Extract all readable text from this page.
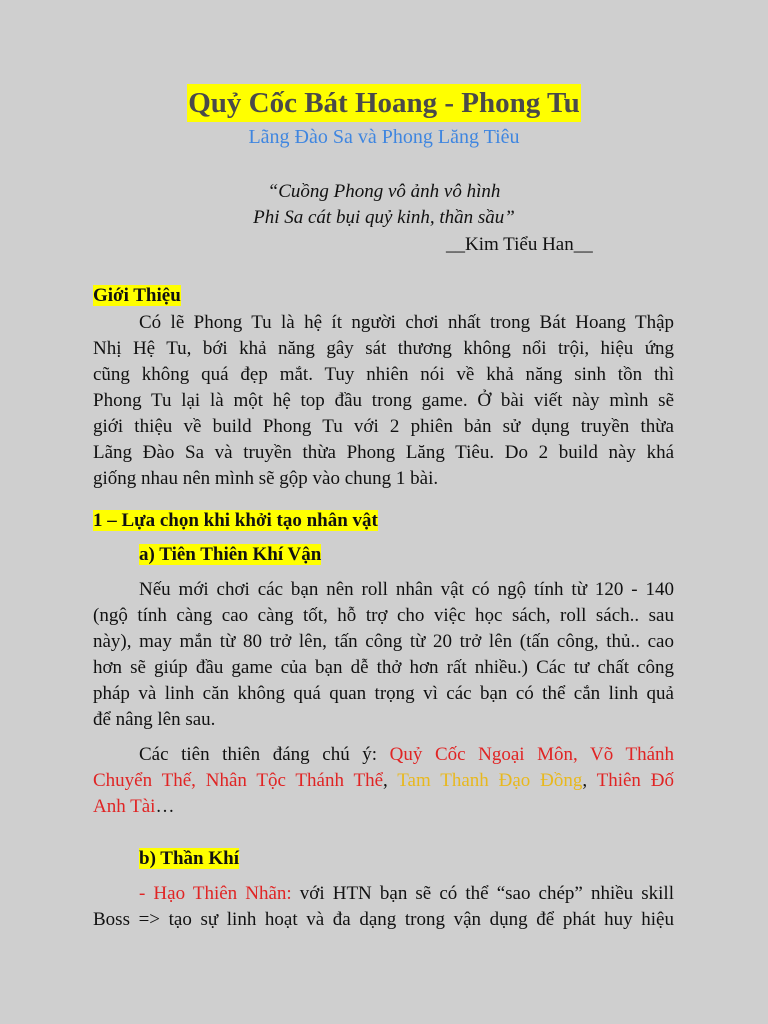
Quỷ Cốc Bát Hoang - Phong Tu
Lãng Đào Sa và Phong Lăng Tiêu
“Cuồng Phong vô ảnh vô hình
Phi Sa cát bụi quỷ kinh, thần sầu”
__Kim Tiểu Han__
Giới Thiệu
Có lẽ Phong Tu là hệ ít người chơi nhất trong Bát Hoang Thập
Nhị Hệ Tu, bới khả năng gây sát thương không nổi trội, hiệu ứng
cũng không quá đẹp mắt. Tuy nhiên nói về khả năng sinh tồn thì
Phong Tu lại là một hệ top đầu trong game. Ở bài viết này mình sẽ
giới thiệu về build Phong Tu với 2 phiên bản sử dụng truyền thừa
Lãng Đào Sa và truyền thừa Phong Lăng Tiêu. Do 2 build này khá
giống nhau nên mình sẽ gộp vào chung 1 bài.
1 – Lựa chọn khi khởi tạo nhân vật
a) Tiên Thiên Khí Vận
Nếu mới chơi các bạn nên roll nhân vật có ngộ tính từ 120 - 140
(ngộ tính càng cao càng tốt, hỗ trợ cho việc học sách, roll sách.. sau
này), may mắn từ 80 trở lên, tấn công từ 20 trở lên (tấn công, thủ.. cao
hơn sẽ giúp đầu game của bạn dễ thở hơn rất nhiều.) Các tư chất công
pháp và linh căn không quá quan trọng vì các bạn có thể cắn linh quả
để nâng lên sau.
Các tiên thiên đáng chú ý: Quỷ Cốc Ngoại Môn, Võ Thánh
Chuyển Thế, Nhân Tộc Thánh Thể, Tam Thanh Đạo Đồng, Thiên Đố
Anh Tài…
b) Thần Khí
- Hạo Thiên Nhãn: với HTN bạn sẽ có thể “sao chép” nhiều skill
Boss => tạo sự linh hoạt và đa dạng trong vận dụng để phát huy hiệu
